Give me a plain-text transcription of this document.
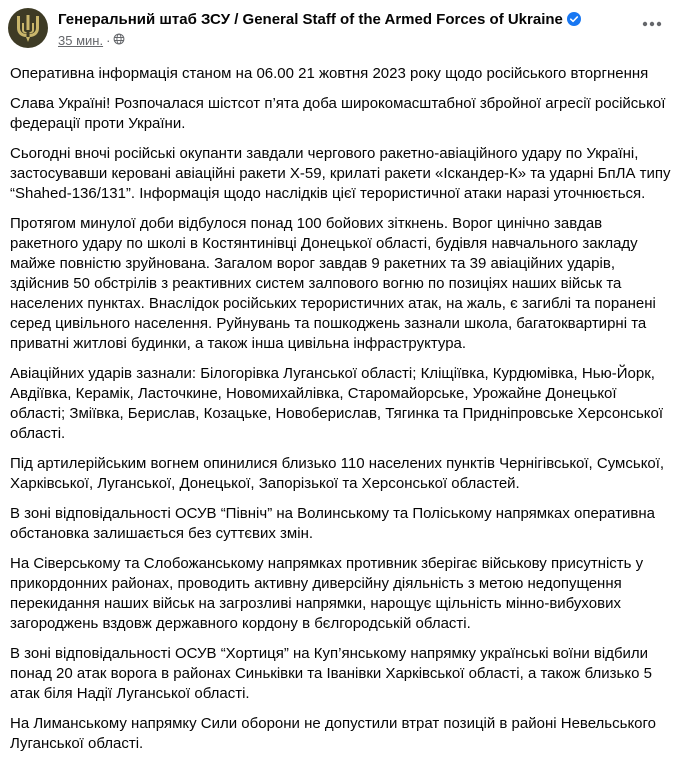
Генеральний штаб ЗСУ / General Staff of the Armed Forces of Ukraine
35 мин. ·

Оперативна інформація станом на 06.00 21 жовтня 2023 року щодо російського вторгнення

Слава Україні! Розпочалася шістсот п’ята доба широкомасштабної збройної агресії російської федерації проти України.

Сьогодні вночі російські окупанти завдали чергового ракетно-авіаційного удару по Україні, застосувавши керовані авіаційні ракети Х-59, крилаті ракети «Іскандер-К» та ударні БпЛА типу “Shahed-136/131”. Інформація щодо наслідків цієї терористичної атаки наразі уточнюється.

Протягом минулої доби відбулося понад 100 бойових зіткнень. Ворог цинічно завдав ракетного удару по школі в Костянтинівці Донецької області, будівля навчального закладу майже повністю зруйнована. Загалом ворог завдав 9 ракетних та 39 авіаційних ударів, здійснив 50 обстрілів з реактивних систем залпового вогню по позиціях наших військ та населених пунктах. Внаслідок російських терористичних атак, на жаль, є загиблі та поранені серед цивільного населення. Руйнувань та пошкоджень зазнали школа, багатоквартирні та приватні житлові будинки, а також інша цивільна інфраструктура.

Авіаційних ударів зазнали: Білогорівка Луганської області; Кліщіївка, Курдюмівка, Нью-Йорк, Авдіївка, Керамік, Ласточкине, Новомихайлівка, Старомайорське, Урожайне Донецької області; Зміївка, Берислав, Козацьке, Новоберислав, Тягинка та Придніпровське Херсонської області.

Під артилерійським вогнем опинилися близько 110 населених пунктів Чернігівської, Сумської, Харківської, Луганської, Донецької, Запорізької та Херсонської областей.

В зоні відповідальності ОСУВ “Північ” на Волинському та Поліському напрямках оперативна обстановка залишається без суттєвих змін.

На Сіверському та Слобожанському напрямках противник зберігає військову присутність у прикордонних районах, проводить активну диверсійну діяльність з метою недопущення перекидання наших військ на загрозливі напрямки, нарощує щільність мінно-вибухових загороджень вздовж державного кордону в бєлгородській області.

В зоні відповідальності ОСУВ “Хортиця” на Куп’янському напрямку українські воїни відбили понад 20 атак ворога в районах Синьківки та Іванівки Харківської області, а також близько 5 атак біля Надії Луганської області.

На Лиманському напрямку Сили оборони не допустили втрат позицій в районі Невельського Луганської області.
